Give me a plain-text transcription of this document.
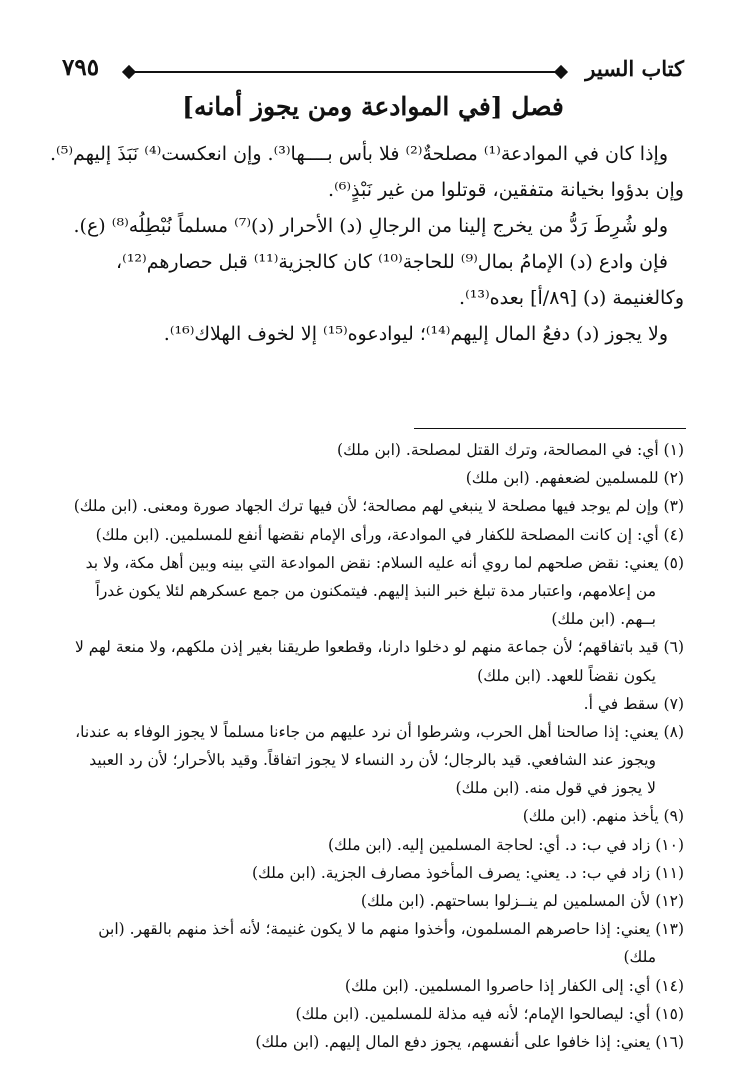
كتاب السير
٧٩٥
فصل [في الموادعة ومن يجوز أمانه]
وإذا كان في الموادعة⁽¹⁾ مصلحةٌ⁽²⁾ فلا بأس بــــها⁽³⁾. وإن انعكست⁽⁴⁾ نَبَذَ إليهم⁽⁵⁾.
وإن بدؤوا بخيانة متفقين، قوتلوا من غير نَبْذٍ⁽⁶⁾.
ولو شُرِطَ رَدُّ من يخرج إلينا من الرجالِ (د) الأحرار (د)⁽⁷⁾ مسلماً نُبْطِلُه⁽⁸⁾ (ع).
فإن وادع (د) الإمامُ بمال⁽⁹⁾ للحاجة⁽¹⁰⁾ كان كالجزية⁽¹¹⁾ قبل حصارهم⁽¹²⁾،
وكالغنيمة (د) [٨٩/أ] بعده⁽¹³⁾.
ولا يجوز (د) دفعُ المال إليهم⁽¹⁴⁾؛ ليوادعوه⁽¹⁵⁾ إلا لخوف الهلاك⁽¹⁶⁾.
(١) أي: في المصالحة، وترك القتل لمصلحة. (ابن ملك)
(٢) للمسلمين لضعفهم. (ابن ملك)
(٣) وإن لم يوجد فيها مصلحة لا ينبغي لهم مصالحة؛ لأن فيها ترك الجهاد صورة ومعنى. (ابن ملك)
(٤) أي: إن كانت المصلحة للكفار في الموادعة، ورأى الإمام نقضها أنفع للمسلمين. (ابن ملك)
(٥) يعني: نقض صلحهم لما روي أنه عليه السلام: نقض الموادعة التي بينه وبين أهل مكة، ولا بد
من إعلامهم، واعتبار مدة تبلغ خبر النبذ إليهم. فيتمكنون من جمع عسكرهم لئلا يكون غدراً
بــهم. (ابن ملك)
(٦) قيد باتفاقهم؛ لأن جماعة منهم لو دخلوا دارنا، وقطعوا طريقنا بغير إذن ملكهم، ولا منعة لهم لا
يكون نقضاً للعهد. (ابن ملك)
(٧) سقط في أ.
(٨) يعني: إذا صالحنا أهل الحرب، وشرطوا أن نرد عليهم من جاءنا مسلماً لا يجوز الوفاء به عندنا،
ويجوز عند الشافعي. قيد بالرجال؛ لأن رد النساء لا يجوز اتفاقاً. وقيد بالأحرار؛ لأن رد العبيد
لا يجوز في قول منه. (ابن ملك)
(٩) يأخذ منهم. (ابن ملك)
(١٠) زاد في ب: د. أي: لحاجة المسلمين إليه. (ابن ملك)
(١١) زاد في ب: د. يعني: يصرف المأخوذ مصارف الجزية. (ابن ملك)
(١٢) لأن المسلمين لم ينــزلوا بساحتهم. (ابن ملك)
(١٣) يعني: إذا حاصرهم المسلمون، وأخذوا منهم ما لا يكون غنيمة؛ لأنه أخذ منهم بالقهر. (ابن
ملك)
(١٤) أي: إلى الكفار إذا حاصروا المسلمين. (ابن ملك)
(١٥) أي: ليصالحوا الإمام؛ لأنه فيه مذلة للمسلمين. (ابن ملك)
(١٦) يعني: إذا خافوا على أنفسهم، يجوز دفع المال إليهم. (ابن ملك)
